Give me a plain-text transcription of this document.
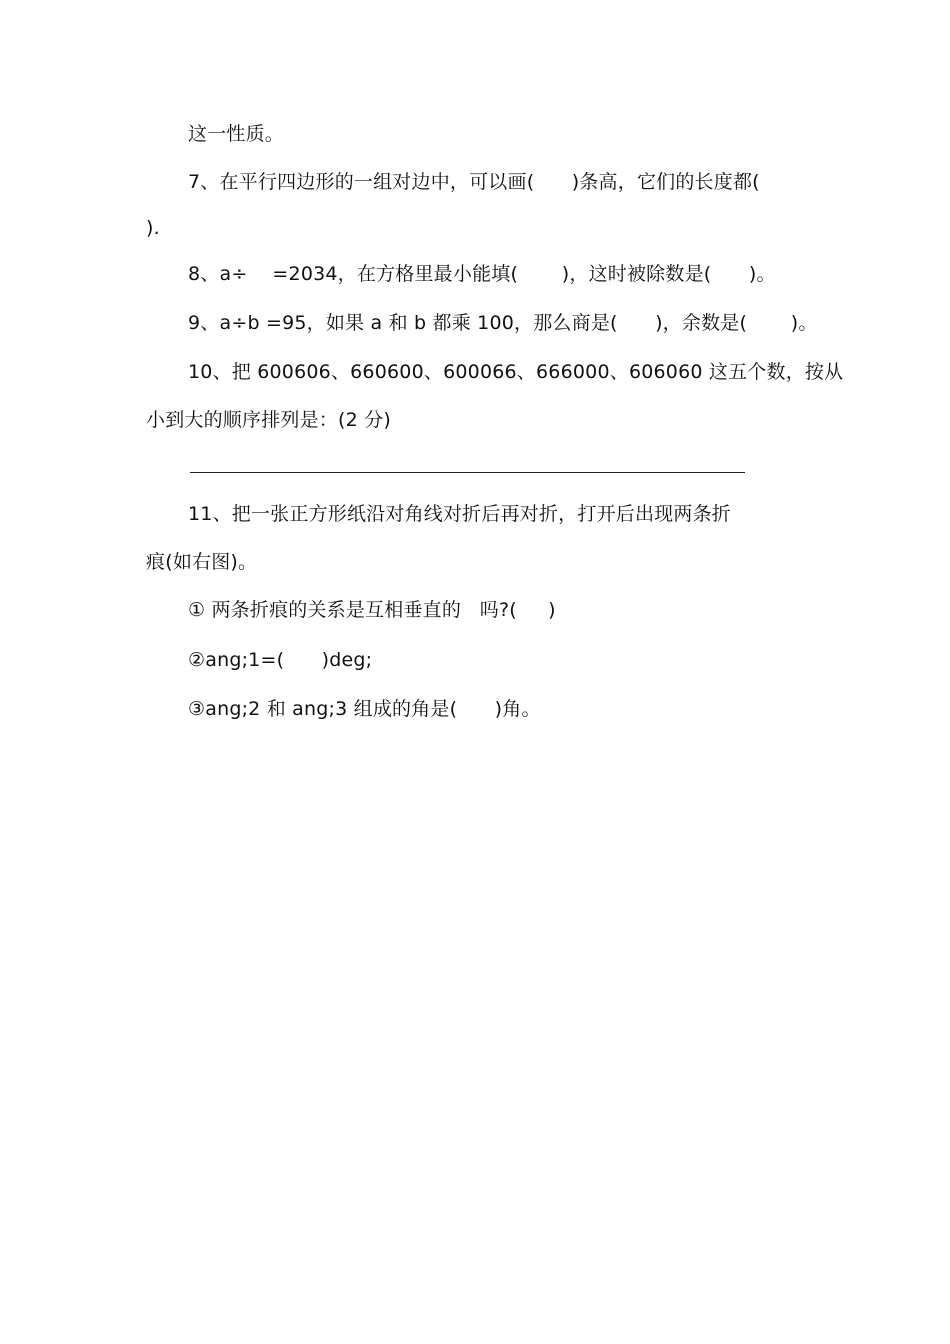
这一性质。
7、在平行四边形的一组对边中，可以画(      )条高，它们的长度都(
).
8、a÷    =2034，在方格里最小能填(       )，这时被除数是(      )。
9、a÷b =95，如果 a 和 b 都乘 100，那么商是(      )，余数是(       )。
10、把 600606、660600、600066、666000、606060 这五个数，按从
小到大的顺序排列是：(2 分)
11、把一张正方形纸沿对角线对折后再对折，打开后出现两条折
痕(如右图)。
① 两条折痕的关系是互相垂直的   吗?(     )
②ang;1=(      )deg;
③ang;2 和 ang;3 组成的角是(      )角。
